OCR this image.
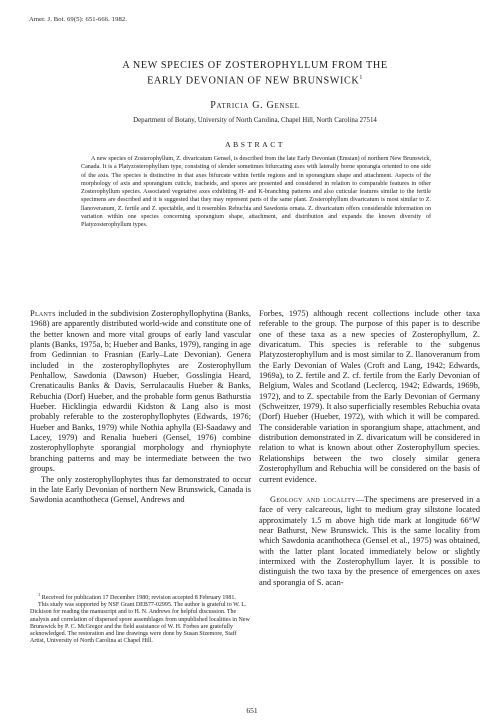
Amer. J. Bot. 69(5): 651-666. 1982.
A NEW SPECIES OF ZOSTEROPHYLLUM FROM THE
EARLY DEVONIAN OF NEW BRUNSWICK$^1$
Patricia G. Gensel
Department of Botany, University of North Carolina, Chapel Hill, North Carolina 27514
ABSTRACT

A new species of Zosterophyllum, Z. divaricatum Gensel, is described from the late Early Devonian (Emsian) of northern New Brunswick, Canada. It is a Platyzosterophyllum type, consisting of slender sometimes bifurcating axes with laterally borne sporangia oriented to one side of the axis. The species is distinctive in that axes bifurcate within fertile regions and in sporangium shape and attachment. Aspects of the morphology of axis and sporangium cuticle, tracheids, and spores are presented and considered in relation to comparable features in other Zosterophyllum species. Associated vegetative axes exhibiting H- and K-branching patterns and also cuticular features similar to the fertile specimens are described and it is suggested that they may represent parts of the same plant. Zosterophyllum divaricatum is most similar to Z. llanoveranum, Z. fertile and Z. spectabile, and it resembles Rebuchia and Sawdonia ornata. Z. divaricatum offers considerable information on variation within one species concerning sporangium shape, attachment, and distribution and expands the known diversity of Platyzosterophyllum types.

Plants included in the subdivision Zosterophyllophytina (Banks, 1968) are apparently distributed world-wide and constitute one of the better known and more vital groups of early land vascular plants (Banks, 1975a, b; Hueber and Banks, 1979), ranging in age from Gedinnian to Frasnian (Early–Late Devonian). Genera included in the zosterophyllophytes are Zosterophyllum Penhallow, Sawdonia (Dawson) Hueber, Gosslingia Heard, Crenaticaulis Banks & Davis, Serrulacaulis Hueber & Banks, Rebuchia (Dorf) Hueber, and the probable form genus Bathurstia Hueber. Hicklingia edwardii Kidston & Lang also is most probably referable to the zosterophyllophytes (Edwards, 1976; Hueber and Banks, 1979) while Nothia aphylla (El-Saadawy and Lacey, 1979) and Renalia hueberi (Gensel, 1976) combine zosterophyllophyte sporangial morphology and rhyniophyte branching patterns and may be intermediate between the two groups.

The only zosterophyllophytes thus far demonstrated to occur in the late Early Devonian of northern New Brunswick, Canada is Sawdonia acanthotheca (Gensel, Andrews and

$^1$ Received for publication 17 December 1980; revision accepted 8 February 1981.

This study was supported by NSF Grant DEB77-02995. The author is grateful to W. L. Dickison for reading the manuscript and to H. N. Andrews for helpful discussion. The analysis and correlation of dispersed spore assemblages from unpublished localities in New Brunswick by P. C. McGregor and the field assistance of W. H. Forbes are gratefully acknowledged. The restoration and line drawings were done by Susan Sizemore, Staff Artist, University of North Carolina at Chapel Hill.

Forbes, 1975) although recent collections include other taxa referable to the group. The purpose of this paper is to describe one of these taxa as a new species of Zosterophyllum, Z. divaricatum. This species is referable to the subgenus Platyzosterophyllum and is most similar to Z. llanoveranum from the Early Devonian of Wales (Croft and Lang, 1942; Edwards, 1969a), to Z. fertile and Z. cf. fertile from the Early Devonian of Belgium, Wales and Scotland (Leclercq, 1942; Edwards, 1969b, 1972), and to Z. spectabile from the Early Devonian of Germany (Schweitzer, 1979). It also superficially resembles Rebuchia ovata (Dorf) Hueber (Hueber, 1972), with which it will be compared. The considerable variation in sporangium shape, attachment, and distribution demonstrated in Z. divaricatum will be considered in relation to what is known about other Zosterophyllum species. Relationships between the two closely similar genera Zosterophyllum and Rebuchia will be considered on the basis of current evidence.

Geology and locality—The specimens are preserved in a face of very calcareous, light to medium gray siltstone located approximately 1.5 m above high tide mark at longitude 66°W near Bathurst, New Brunswick. This is the same locality from which Sawdonia acanthotheca (Gensel et al., 1975) was obtained, with the latter plant located immediately below or slightly intermixed with the Zosterophyllum layer. It is possible to distinguish the two taxa by the presence of emergences on axes and sporangia of S. acan-

651
